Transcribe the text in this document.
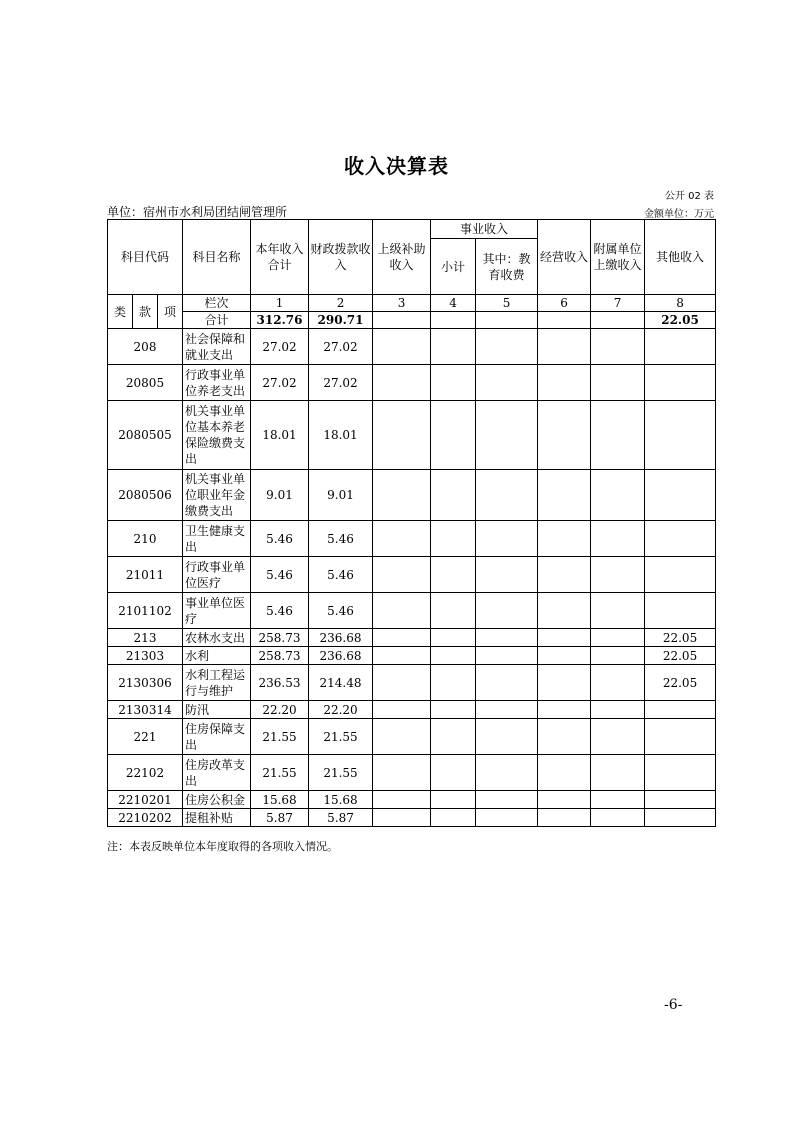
收入决算表
公开 02 表
单位：宿州市水利局团结闸管理所	金额单位：万元
科目代码			科目名称	本年收入合计	财政拨款收入	上级补助收入	事业收入		经营收入	附属单位上缴收入	其他收入
							小计	其中：教育收费			
类	款	项	栏次	1	2	3	4	5	6	7	8
			合计	312.76	290.71						22.05
208			社会保障和就业支出	27.02	27.02						
20805			行政事业单位养老支出	27.02	27.02						
2080505			机关事业单位基本养老保险缴费支出	18.01	18.01						
2080506			机关事业单位职业年金缴费支出	9.01	9.01						
210			卫生健康支出	5.46	5.46						
21011			行政事业单位医疗	5.46	5.46						
2101102			事业单位医疗	5.46	5.46						
213			农林水支出	258.73	236.68						22.05
21303			水利	258.73	236.68						22.05
2130306			水利工程运行与维护	236.53	214.48						22.05
2130314			防汛	22.20	22.20						
221			住房保障支出	21.55	21.55						
22102			住房改革支出	21.55	21.55						
2210201			住房公积金	15.68	15.68						
2210202			提租补贴	5.87	5.87						
注：本表反映单位本年度取得的各项收入情况。
-6-
